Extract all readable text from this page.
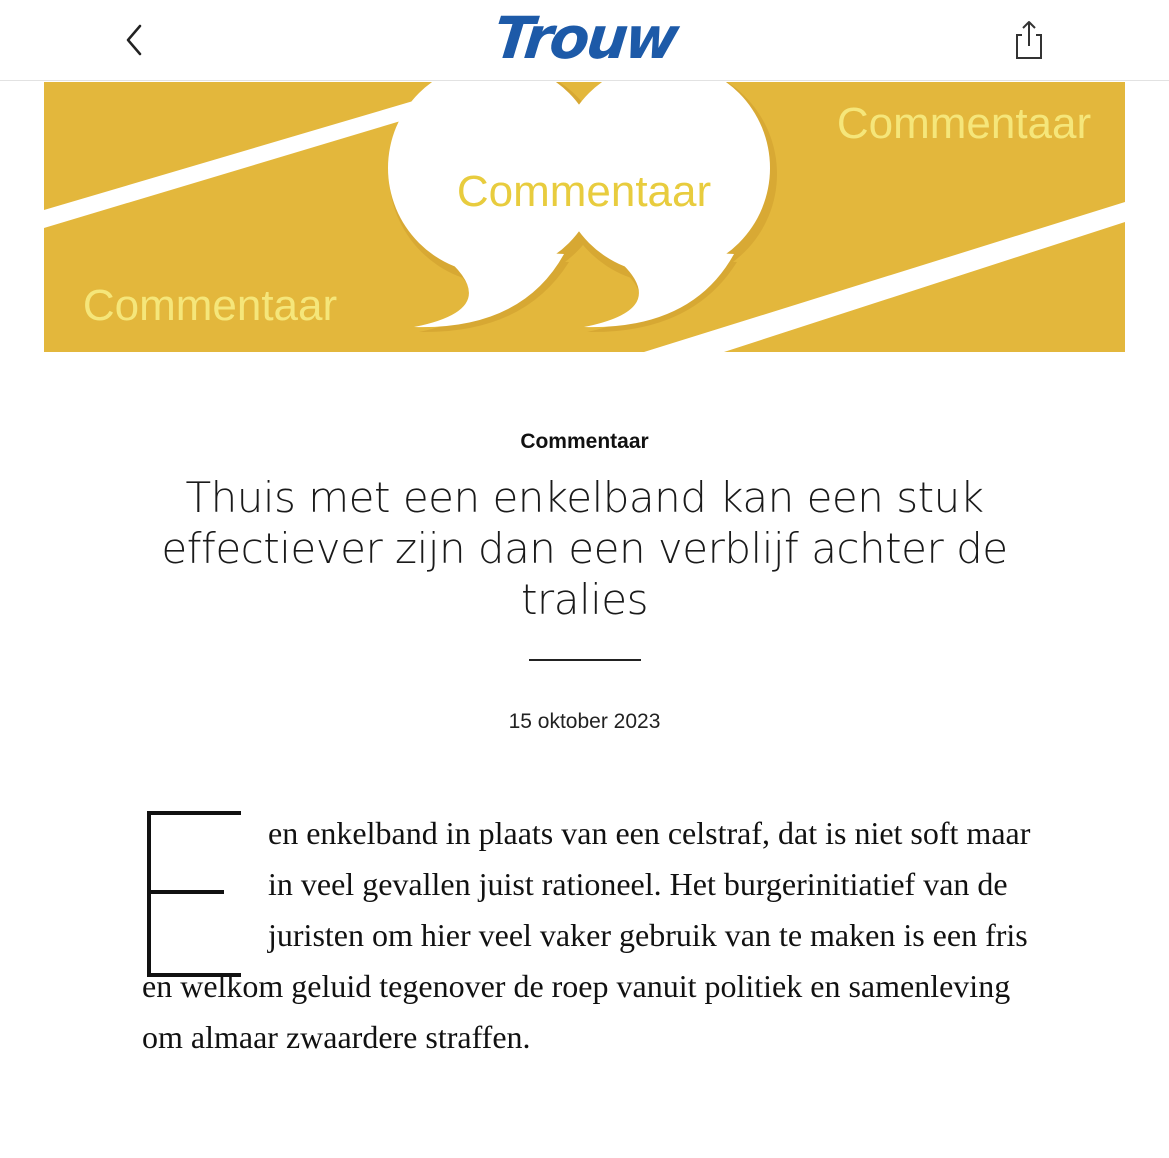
Trouw
Commentaar
Commentaar
Commentaar
Commentaar
Thuis met een enkelband kan een stuk effectiever zijn dan een verblijf achter de tralies
15 oktober 2023
E

en enkelband in plaats van een celstraf, dat is niet soft maar in veel gevallen juist rationeel. Het burgerinitiatief van de juristen om hier veel vaker gebruik van te maken is een fris en welkom geluid tegenover de roep vanuit politiek en samenleving om almaar zwaardere straffen.
